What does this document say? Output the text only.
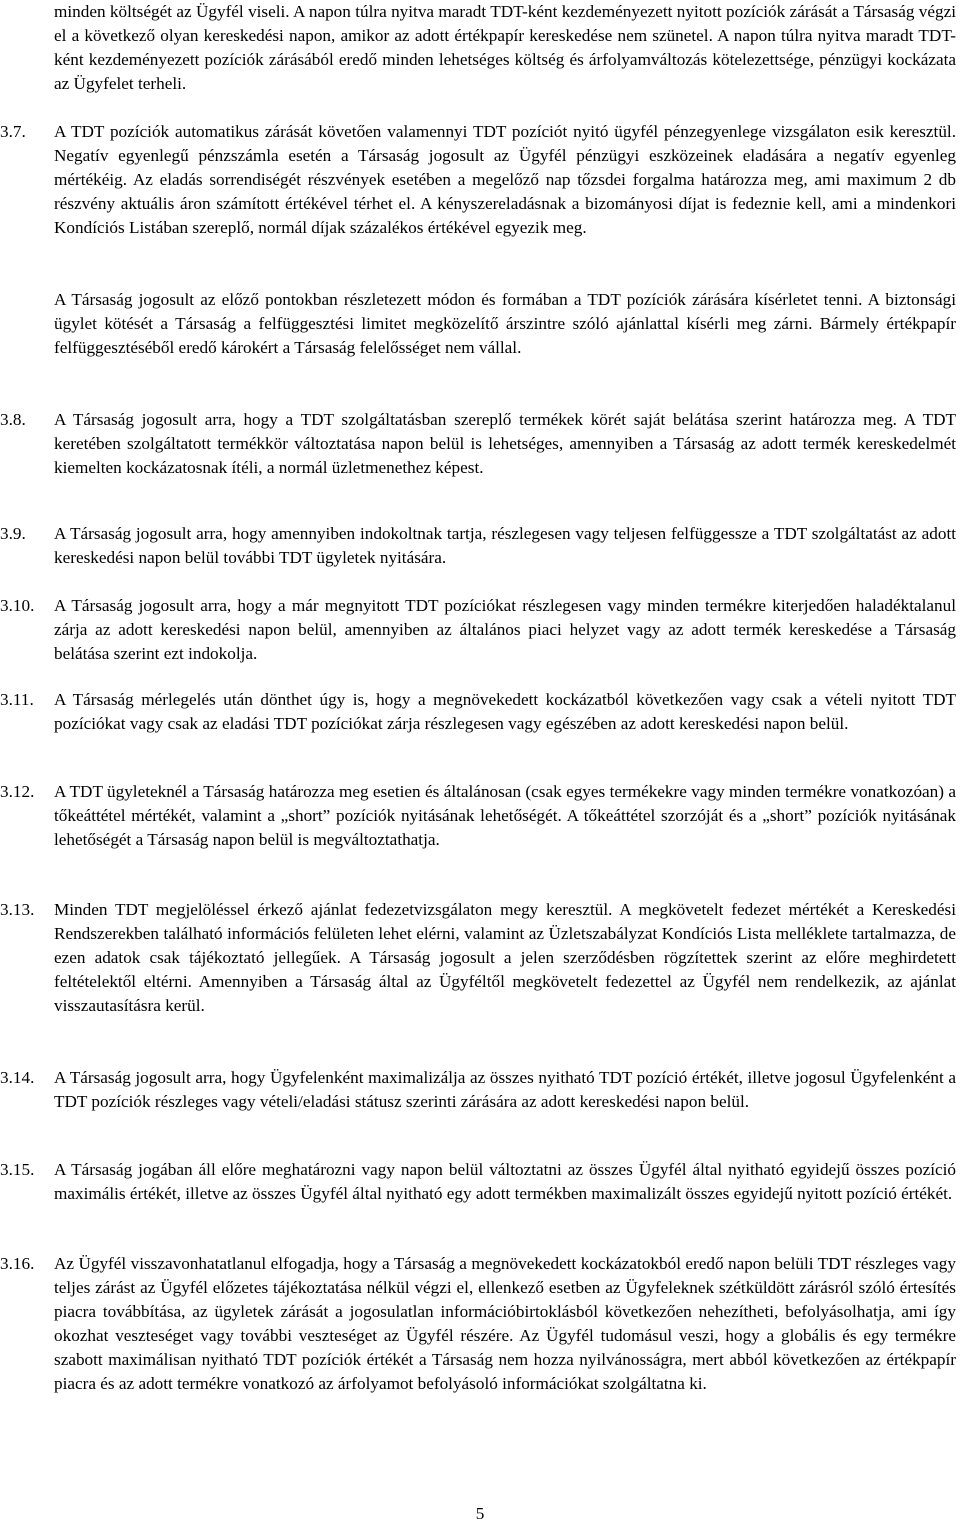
minden költségét az Ügyfél viseli. A napon túlra nyitva maradt TDT-ként kezdeményezett nyitott pozíciók zárását a Társaság végzi el a következő olyan kereskedési napon, amikor az adott értékpapír kereskedése nem szünetel. A napon túlra nyitva maradt TDT-ként kezdeményezett pozíciók zárásából eredő minden lehetséges költség és árfolyamváltozás kötelezettsége, pénzügyi kockázata az Ügyfelet terheli.

3.7.	A TDT pozíciók automatikus zárását követően valamennyi TDT pozíciót nyitó ügyfél pénzegyenlege vizsgálaton esik keresztül. Negatív egyenlegű pénzszámla esetén a Társaság jogosult az Ügyfél pénzügyi eszközeinek eladására a negatív egyenleg mértékéig. Az eladás sorrendiségét részvények esetében a megelőző nap tőzsdei forgalma határozza meg, ami maximum 2 db részvény aktuális áron számított értékével térhet el. A kényszereladásnak a bizományosi díjat is fedeznie kell, ami a mindenkori Kondíciós Listában szereplő, normál díjak százalékos értékével egyezik meg.

A Társaság jogosult az előző pontokban részletezett módon és formában a TDT pozíciók zárására kísérletet tenni. A biztonsági ügylet kötését a Társaság a felfüggesztési limitet megközelítő árszintre szóló ajánlattal kísérli meg zárni. Bármely értékpapír felfüggesztéséből eredő károkért a Társaság felelősséget nem vállal.

3.8.	A Társaság jogosult arra, hogy a TDT szolgáltatásban szereplő termékek körét saját belátása szerint határozza meg. A TDT keretében szolgáltatott termékkör változtatása napon belül is lehetséges, amennyiben a Társaság az adott termék kereskedelmét kiemelten kockázatosnak ítéli, a normál üzletmenethez képest.

3.9.	A Társaság jogosult arra, hogy amennyiben indokoltnak tartja, részlegesen vagy teljesen felfüggessze a TDT szolgáltatást az adott kereskedési napon belül további TDT ügyletek nyitására.

3.10.	A Társaság jogosult arra, hogy a már megnyitott TDT pozíciókat részlegesen vagy minden termékre kiterjedően haladéktalanul zárja az adott kereskedési napon belül, amennyiben az általános piaci helyzet vagy az adott termék kereskedése a Társaság belátása szerint ezt indokolja.

3.11.	A Társaság mérlegelés után dönthet úgy is, hogy a megnövekedett kockázatból következően vagy csak a vételi nyitott TDT pozíciókat vagy csak az eladási TDT pozíciókat zárja részlegesen vagy egészében az adott kereskedési napon belül.

3.12.	A TDT ügyleteknél a Társaság határozza meg esetien és általánosan (csak egyes termékekre vagy minden termékre vonatkozóan) a tőkeáttétel mértékét, valamint a „short” pozíciók nyitásának lehetőségét. A tőkeáttétel szorzóját és a „short” pozíciók nyitásának lehetőségét a Társaság napon belül is megváltoztathatja.

3.13.	Minden TDT megjelöléssel érkező ajánlat fedezetvizsgálaton megy keresztül. A megkövetelt fedezet mértékét a Kereskedési Rendszerekben található információs felületen lehet elérni, valamint az Üzletszabályzat Kondíciós Lista melléklete tartalmazza, de ezen adatok csak tájékoztató jellegűek. A Társaság jogosult a jelen szerződésben rögzítettek szerint az előre meghirdetett feltételektől eltérni. Amennyiben a Társaság által az Ügyféltől megkövetelt fedezettel az Ügyfél nem rendelkezik, az ajánlat visszautasításra kerül.

3.14.	A Társaság jogosult arra, hogy Ügyfelenként maximalizálja az összes nyitható TDT pozíció értékét, illetve jogosul Ügyfelenként a TDT pozíciók részleges vagy vételi/eladási státusz szerinti zárására az adott kereskedési napon belül.

3.15.	A Társaság jogában áll előre meghatározni vagy napon belül változtatni az összes Ügyfél által nyitható egyidejű összes pozíció maximális értékét, illetve az összes Ügyfél által nyitható egy adott termékben maximalizált összes egyidejű nyitott pozíció értékét.

3.16.	Az Ügyfél visszavonhatatlanul elfogadja, hogy a Társaság a megnövekedett kockázatokból eredő napon belüli TDT részleges vagy teljes zárást az Ügyfél előzetes tájékoztatása nélkül végzi el, ellenkező esetben az Ügyfeleknek szétküldött zárásról szóló értesítés piacra továbbítása, az ügyletek zárását a jogosulatlan információbirtoklásból következően nehezítheti, befolyásolhatja, ami így okozhat veszteséget vagy további veszteséget az Ügyfél részére. Az Ügyfél tudomásul veszi, hogy a globális és egy termékre szabott maximálisan nyitható TDT pozíciók értékét a Társaság nem hozza nyilvánosságra, mert abból következően az értékpapír piacra és az adott termékre vonatkozó az árfolyamot befolyásoló információkat szolgáltatna ki.

5
